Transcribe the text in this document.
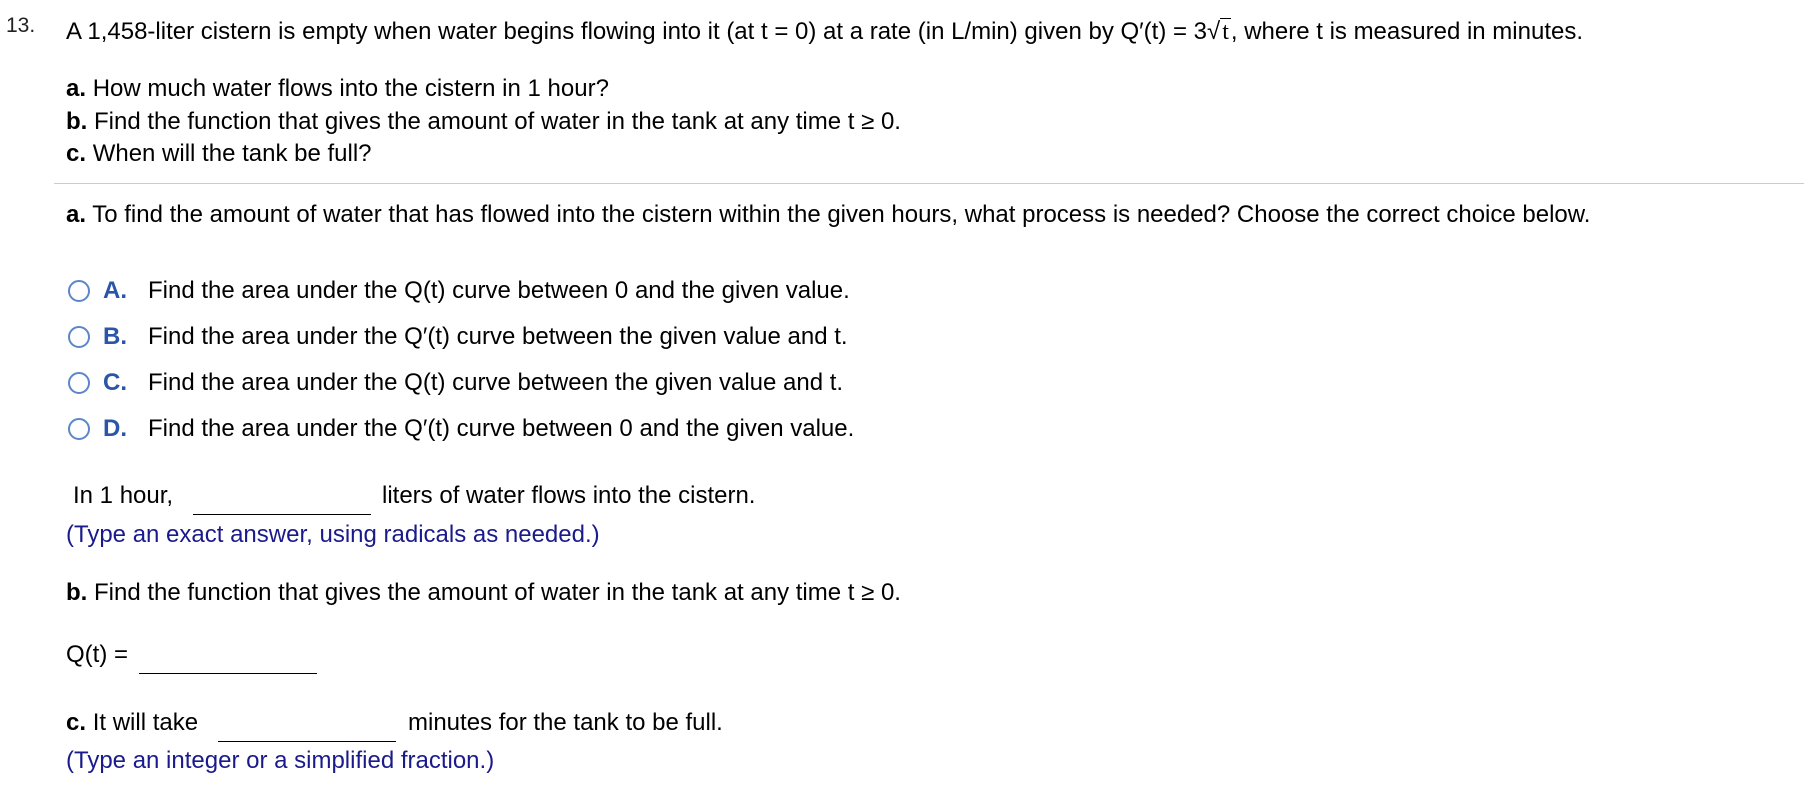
13. A 1,458-liter cistern is empty when water begins flowing into it (at t = 0) at a rate (in L/min) given by Q′(t) = 3√t, where t is measured in minutes.
a. How much water flows into the cistern in 1 hour?
b. Find the function that gives the amount of water in the tank at any time t ≥ 0.
c. When will the tank be full?
a. To find the amount of water that has flowed into the cistern within the given hours, what process is needed? Choose the correct choice below.
A. Find the area under the Q(t) curve between 0 and the given value.
B. Find the area under the Q′(t) curve between the given value and t.
C. Find the area under the Q(t) curve between the given value and t.
D. Find the area under the Q′(t) curve between 0 and the given value.
In 1 hour,	liters of water flows into the cistern.
(Type an exact answer, using radicals as needed.)
b. Find the function that gives the amount of water in the tank at any time t ≥ 0.
Q(t) =
c. It will take	minutes for the tank to be full.
(Type an integer or a simplified fraction.)
